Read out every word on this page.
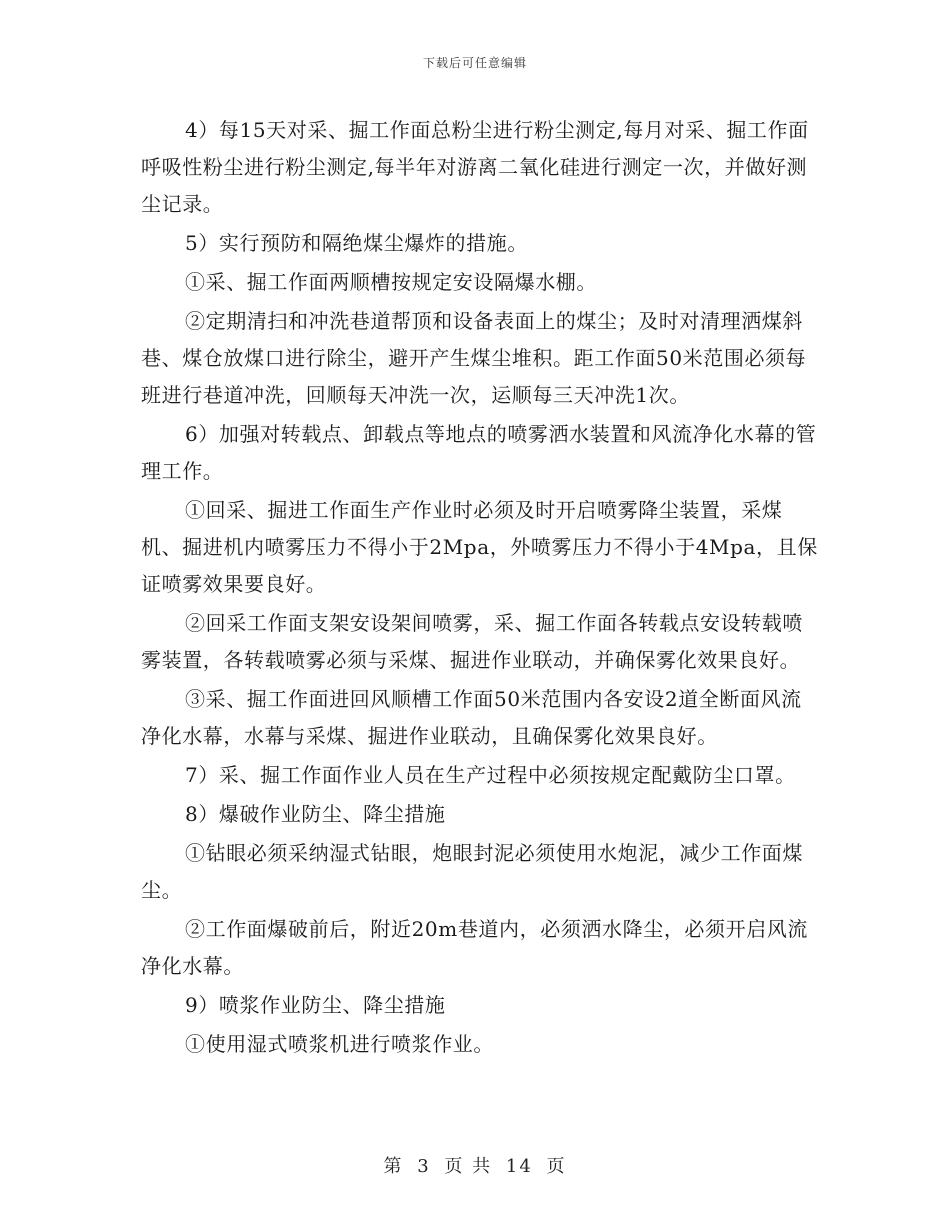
下载后可任意编辑

4）每15天对采、掘工作面总粉尘进行粉尘测定,每月对采、掘工作面呼吸性粉尘进行粉尘测定,每半年对游离二氧化硅进行测定一次，并做好测尘记录。

5）实行预防和隔绝煤尘爆炸的措施。

①采、掘工作面两顺槽按规定安设隔爆水棚。

②定期清扫和冲洗巷道帮顶和设备表面上的煤尘；及时对清理洒煤斜巷、煤仓放煤口进行除尘，避开产生煤尘堆积。距工作面50米范围必须每班进行巷道冲洗，回顺每天冲洗一次，运顺每三天冲洗1次。

6）加强对转载点、卸载点等地点的喷雾洒水装置和风流净化水幕的管理工作。

①回采、掘进工作面生产作业时必须及时开启喷雾降尘装置，采煤机、掘进机内喷雾压力不得小于2Mpa，外喷雾压力不得小于4Mpa，且保证喷雾效果要良好。

②回采工作面支架安设架间喷雾，采、掘工作面各转载点安设转载喷雾装置，各转载喷雾必须与采煤、掘进作业联动，并确保雾化效果良好。

③采、掘工作面进回风顺槽工作面50米范围内各安设2道全断面风流净化水幕，水幕与采煤、掘进作业联动，且确保雾化效果良好。

7）采、掘工作面作业人员在生产过程中必须按规定配戴防尘口罩。

8）爆破作业防尘、降尘措施

①钻眼必须采纳湿式钻眼，炮眼封泥必须使用水炮泥，减少工作面煤尘。

②工作面爆破前后，附近20m巷道内，必须洒水降尘，必须开启风流净化水幕。

9）喷浆作业防尘、降尘措施

①使用湿式喷浆机进行喷浆作业。

第 3 页 共 14 页
